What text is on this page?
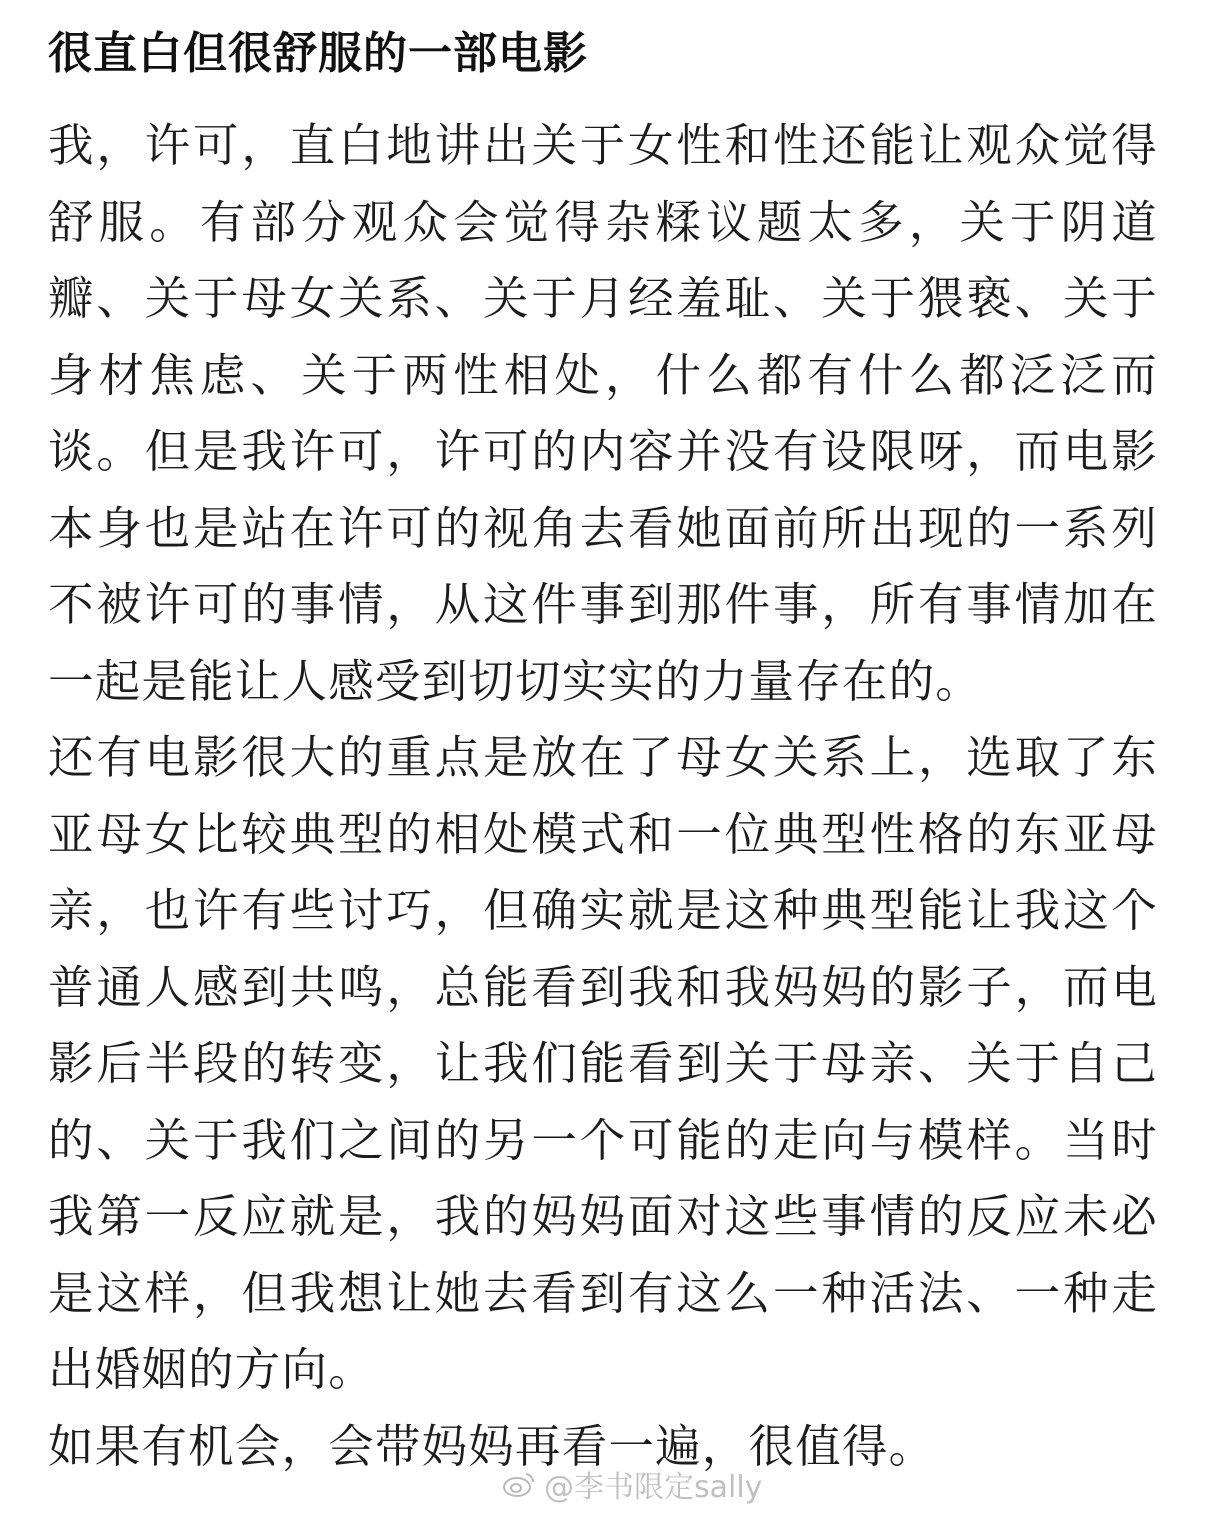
很直白但很舒服的一部电影

我，许可，直白地讲出关于女性和性还能让观众觉得舒服。有部分观众会觉得杂糅议题太多，关于阴道瓣、关于母女关系、关于月经羞耻、关于猥亵、关于身材焦虑、关于两性相处，什么都有什么都泛泛而谈。但是我许可，许可的内容并没有设限呀，而电影本身也是站在许可的视角去看她面前所出现的一系列不被许可的事情，从这件事到那件事，所有事情加在一起是能让人感受到切切实实的力量存在的。

还有电影很大的重点是放在了母女关系上，选取了东亚母女比较典型的相处模式和一位典型性格的东亚母亲，也许有些讨巧，但确实就是这种典型能让我这个普通人感到共鸣，总能看到我和我妈妈的影子，而电影后半段的转变，让我们能看到关于母亲、关于自己的、关于我们之间的另一个可能的走向与模样。当时我第一反应就是，我的妈妈面对这些事情的反应未必是这样，但我想让她去看到有这么一种活法、一种走出婚姻的方向。

如果有机会，会带妈妈再看一遍，很值得。

@李书限定sally
